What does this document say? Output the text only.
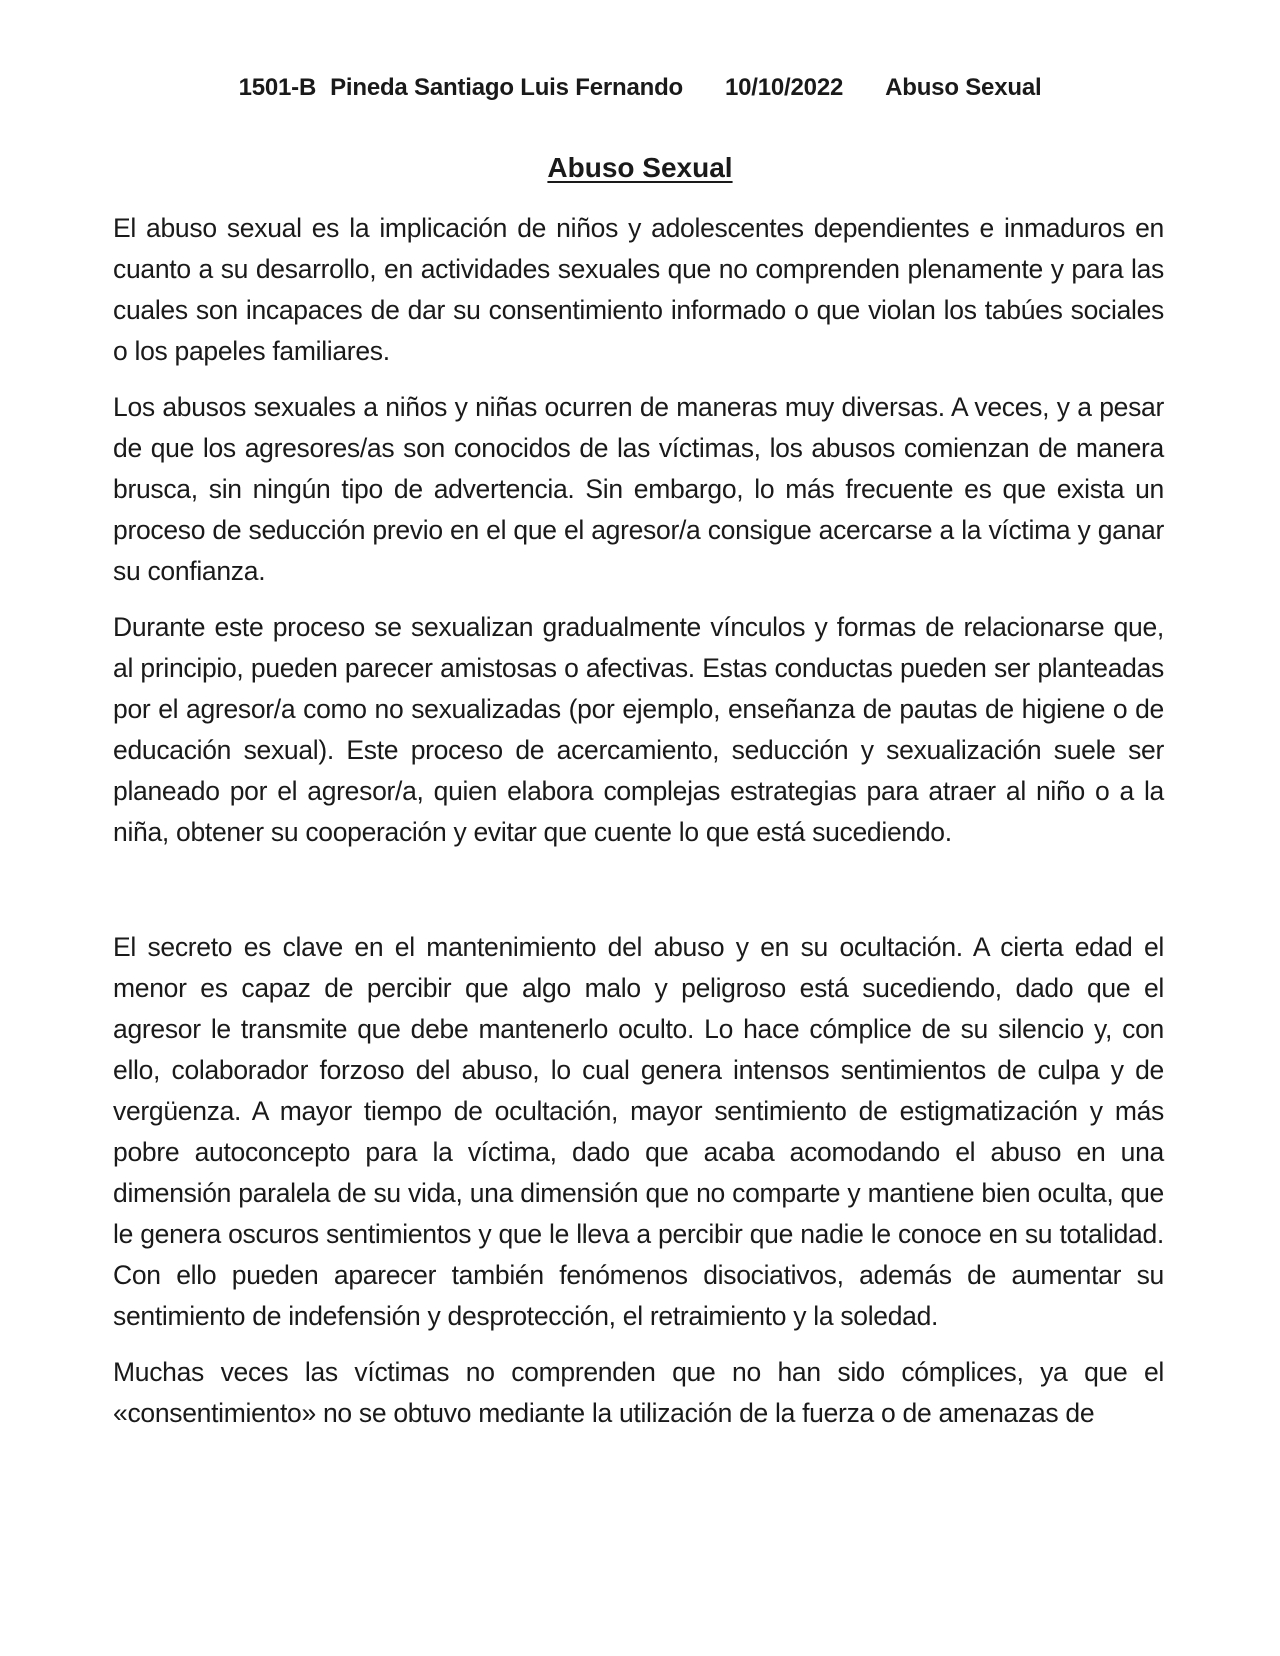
1501-B Pineda Santiago Luis Fernando 10/10/2022 Abuso Sexual
Abuso Sexual

El abuso sexual es la implicación de niños y adolescentes dependientes e inmaduros en cuanto a su desarrollo, en actividades sexuales que no comprenden plenamente y para las cuales son incapaces de dar su consentimiento informado o que violan los tabúes sociales o los papeles familiares.

Los abusos sexuales a niños y niñas ocurren de maneras muy diversas. A veces, y a pesar de que los agresores/as son conocidos de las víctimas, los abusos comienzan de manera brusca, sin ningún tipo de advertencia. Sin embargo, lo más frecuente es que exista un proceso de seducción previo en el que el agresor/a consigue acercarse a la víctima y ganar su confianza.

Durante este proceso se sexualizan gradualmente vínculos y formas de relacionarse que, al principio, pueden parecer amistosas o afectivas. Estas conductas pueden ser planteadas por el agresor/a como no sexualizadas (por ejemplo, enseñanza de pautas de higiene o de educación sexual). Este proceso de acercamiento, seducción y sexualización suele ser planeado por el agresor/a, quien elabora complejas estrategias para atraer al niño o a la niña, obtener su cooperación y evitar que cuente lo que está sucediendo.

El secreto es clave en el mantenimiento del abuso y en su ocultación. A cierta edad el menor es capaz de percibir que algo malo y peligroso está sucediendo, dado que el agresor le transmite que debe mantenerlo oculto. Lo hace cómplice de su silencio y, con ello, colaborador forzoso del abuso, lo cual genera intensos sentimientos de culpa y de vergüenza. A mayor tiempo de ocultación, mayor sentimiento de estigmatización y más pobre autoconcepto para la víctima, dado que acaba acomodando el abuso en una dimensión paralela de su vida, una dimensión que no comparte y mantiene bien oculta, que le genera oscuros sentimientos y que le lleva a percibir que nadie le conoce en su totalidad. Con ello pueden aparecer también fenómenos disociativos, además de aumentar su sentimiento de indefensión y desprotección, el retraimiento y la soledad.

Muchas veces las víctimas no comprenden que no han sido cómplices, ya que el «consentimiento» no se obtuvo mediante la utilización de la fuerza o de amenazas de
